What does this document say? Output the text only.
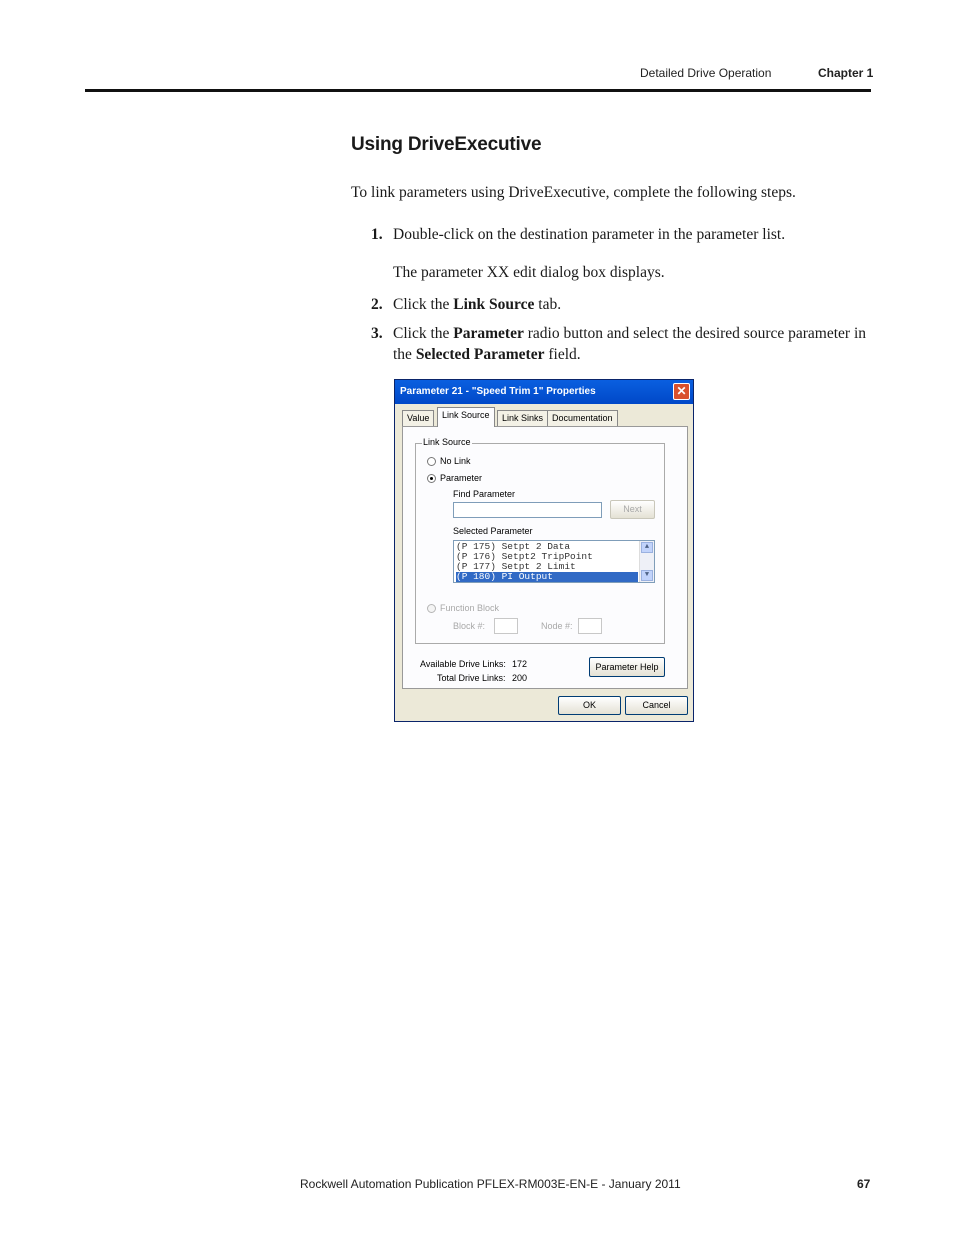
Detailed Drive Operation	Chapter 1
Using DriveExecutive

To link parameters using DriveExecutive, complete the following steps.

1. Double-click on the destination parameter in the parameter list.
The parameter XX edit dialog box displays.
2. Click the Link Source tab.
3. Click the Parameter radio button and select the desired source parameter in the Selected Parameter field.
Parameter 21 - "Speed Trim 1" Properties	✕
Value	Link Source	Link Sinks Documentation
Link Source
No Link
Parameter
Find Parameter
Next
Selected Parameter
(P 175) Setpt 2 Data
(P 176) Setpt2 TripPoint
(P 177) Setpt 2 Limit
(P 180) PI Output
▲
▼
Function Block
Block #:	Node #:
Available Drive Links: 172
Total Drive Links: 200
Parameter Help
OK	Cancel
Rockwell Automation Publication PFLEX-RM003E-EN-E - January 2011	67
